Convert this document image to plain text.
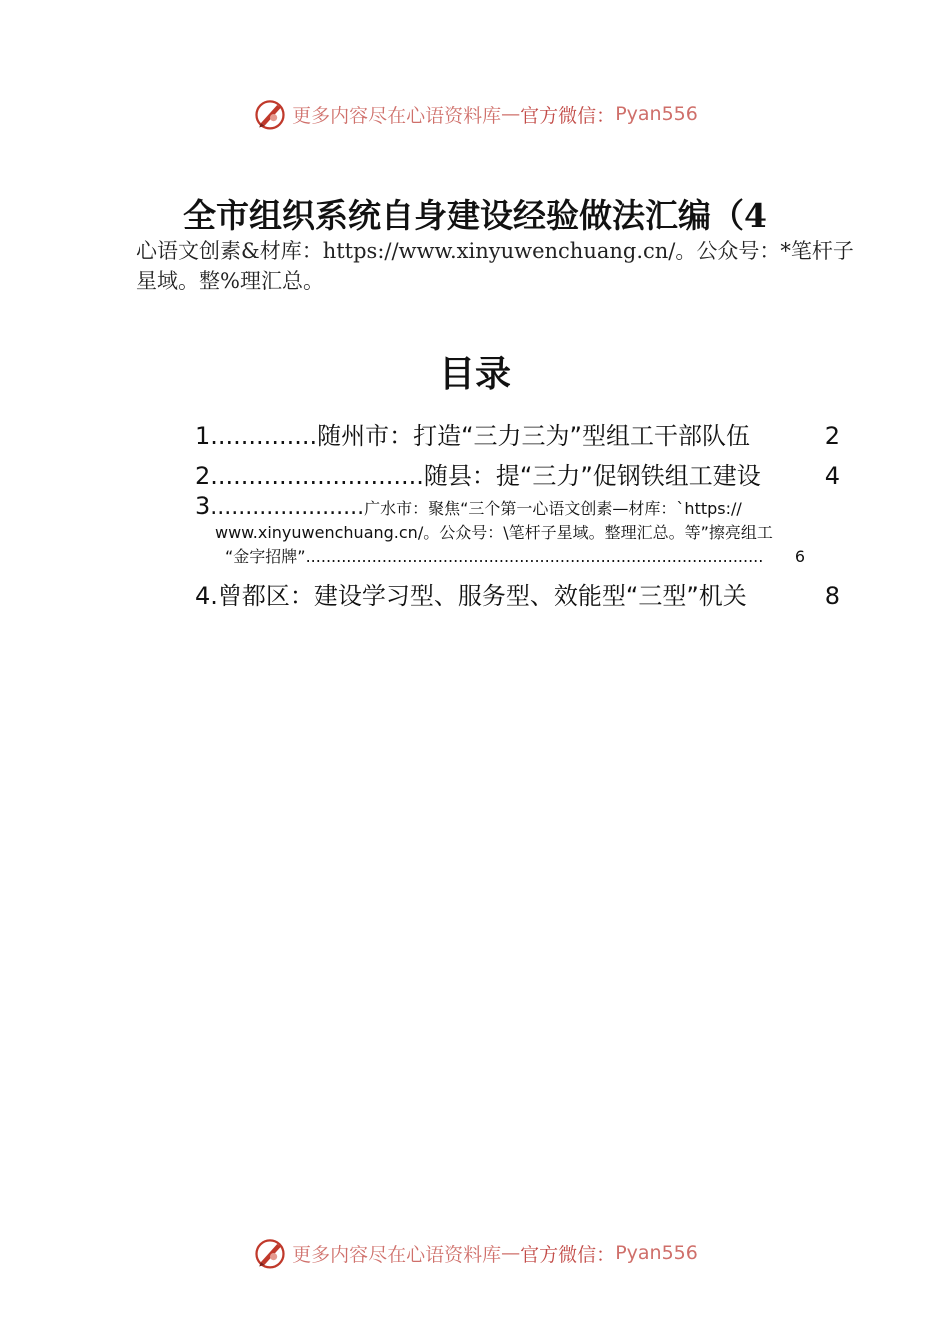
更多内容尽在心语资料库 — 官方微信： Pyan556
全市组织系统自身建设经验做法汇编（4
心语文创素&材库：https://www.xinyuwenchuang.cn/。公众号：*笔杆子星域。整%理汇总。
目录
1 .............. 随州市：打造“三力三为”型组工干部队伍	2
2 ............................ 随县：提“三力”促钢铁组工建设	4
3......................广水市：聚焦“三个第一心语文创素—材库：`https://
www.xinyuwenchuang.cn/。公众号：\笔杆子星域。整理汇总。等”擦亮组工
“金字招牌” ..........................................................................................	6
4. 曾都区：建设学习型、服务型、效能型“三型”机关	8
更多内容尽在心语资料库 — 官方微信： Pyan556
